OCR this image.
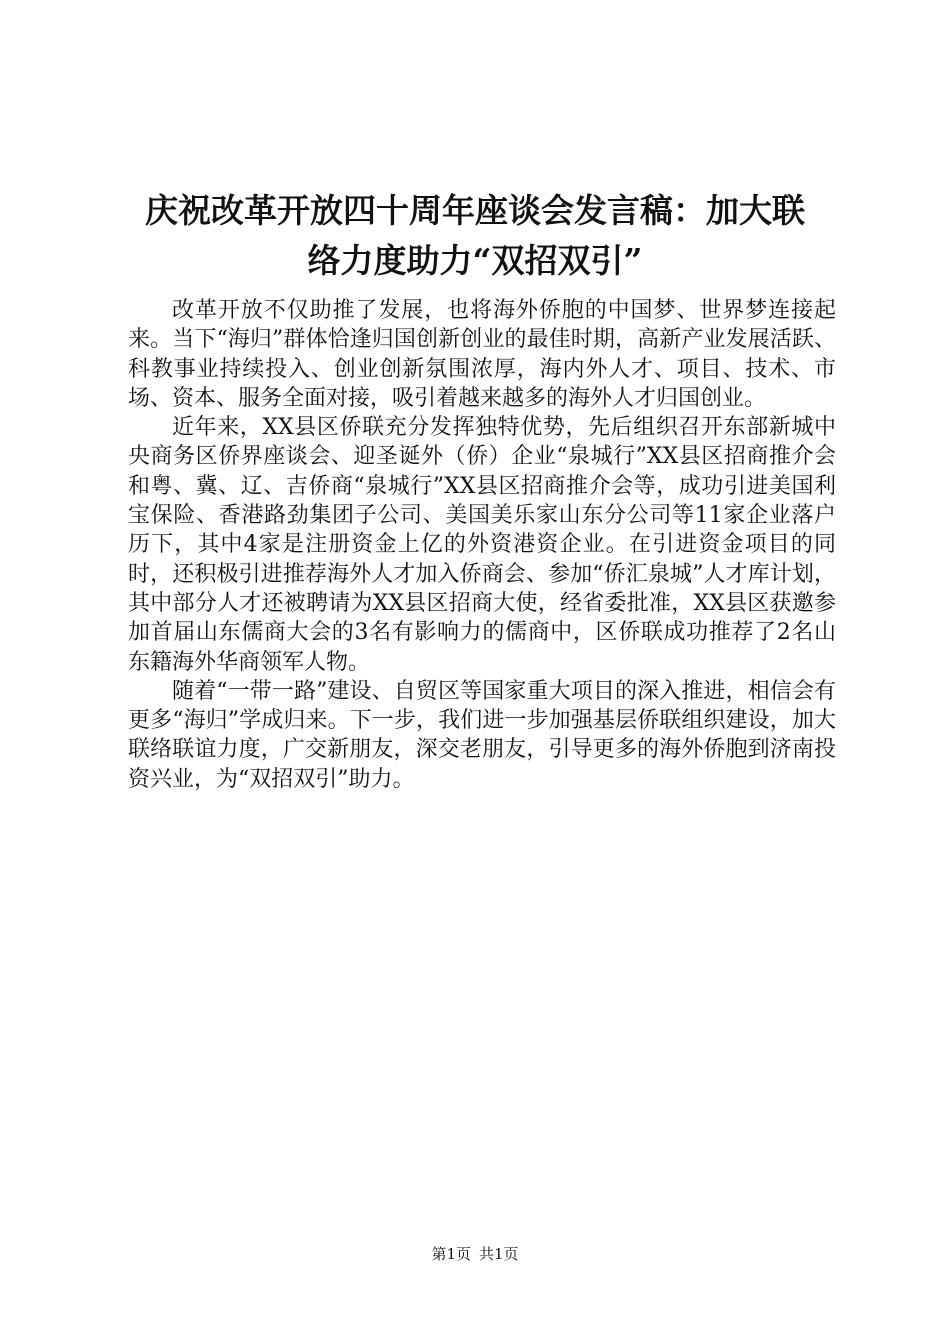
庆祝改革开放四十周年座谈会发言稿：加大联
络力度助力“双招双引”

改革开放不仅助推了发展，也将海外侨胞的中国梦、世界梦连接起来。当下“海归”群体恰逢归国创新创业的最佳时期，高新产业发展活跃、科教事业持续投入、创业创新氛围浓厚，海内外人才、项目、技术、市场、资本、服务全面对接，吸引着越来越多的海外人才归国创业。

近年来，XX县区侨联充分发挥独特优势，先后组织召开东部新城中央商务区侨界座谈会、迎圣诞外（侨）企业“泉城行”XX县区招商推介会和粤、冀、辽、吉侨商“泉城行”XX县区招商推介会等，成功引进美国利宝保险、香港路劲集团子公司、美国美乐家山东分公司等11家企业落户历下，其中4家是注册资金上亿的外资港资企业。在引进资金项目的同时，还积极引进推荐海外人才加入侨商会、参加“侨汇泉城”人才库计划，其中部分人才还被聘请为XX县区招商大使，经省委批准，XX县区获邀参加首届山东儒商大会的3名有影响力的儒商中，区侨联成功推荐了2名山东籍海外华商领军人物。

随着“一带一路”建设、自贸区等国家重大项目的深入推进，相信会有更多“海归”学成归来。下一步，我们进一步加强基层侨联组织建设，加大联络联谊力度，广交新朋友，深交老朋友，引导更多的海外侨胞到济南投资兴业，为“双招双引”助力。

第1页 共1页
